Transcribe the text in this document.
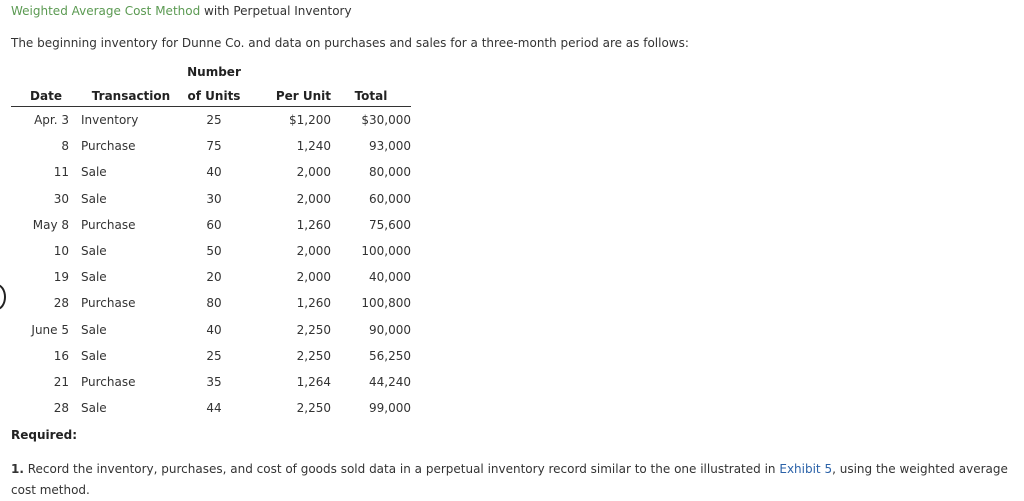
Weighted Average Cost Method with Perpetual Inventory
The beginning inventory for Dunne Co. and data on purchases and sales for a three-month period are as follows:
		Number		
Date	Transaction	of Units	Per Unit	Total
Apr. 3	Inventory	25	$1,200	$30,000
8	Purchase	75	1,240	93,000
11	Sale	40	2,000	80,000
30	Sale	30	2,000	60,000
May 8	Purchase	60	1,260	75,600
10	Sale	50	2,000	100,000
19	Sale	20	2,000	40,000
28	Purchase	80	1,260	100,800
June 5	Sale	40	2,250	90,000
16	Sale	25	2,250	56,250
21	Purchase	35	1,264	44,240
28	Sale	44	2,250	99,000
Required:
1. Record the inventory, purchases, and cost of goods sold data in a perpetual inventory record similar to the one illustrated in Exhibit 5, using the weighted average cost method.
